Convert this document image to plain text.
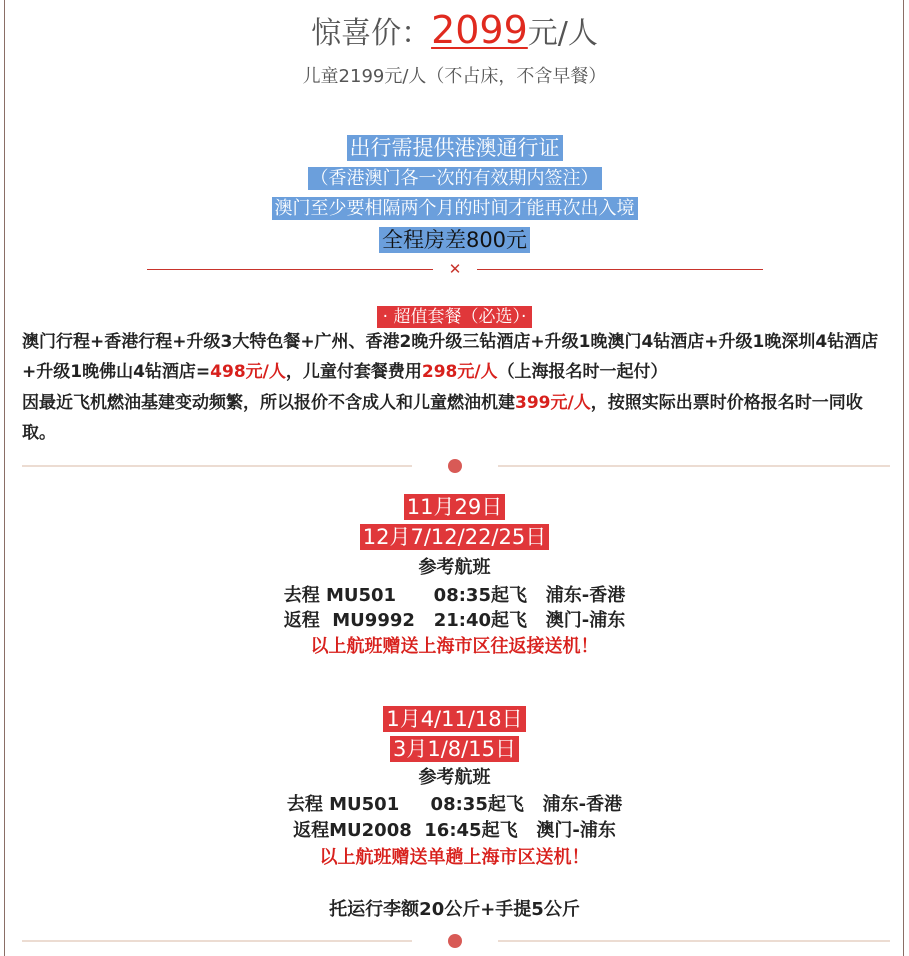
惊喜价：2099元/人
儿童2199元/人（不占床，不含早餐）
出行需提供港澳通行证
（香港澳门各一次的有效期内签注）
澳门至少要相隔两个月的时间才能再次出入境
全程房差800元
✕
· 超值套餐（必选）·
澳门行程+香港行程+升级3大特色餐+广州、香港2晚升级三钻酒店+升级1晚澳门4钻酒店+升级1晚深圳4钻酒店+升级1晚佛山4钻酒店=498元/人，儿童付套餐费用298元/人（上海报名时一起付）
因最近飞机燃油基建变动频繁，所以报价不含成人和儿童燃油机建399元/人，按照实际出票时价格报名时一同收取。
11月29日
12月7/12/22/25日
参考航班
去程 MU501      08:35起飞   浦东-香港
返程  MU9992   21:40起飞   澳门-浦东
以上航班赠送上海市区往返接送机！
1月4/11/18日
3月1/8/15日
参考航班
去程 MU501     08:35起飞   浦东-香港
返程MU2008  16:45起飞   澳门-浦东
以上航班赠送单趟上海市区送机！
托运行李额20公斤+手提5公斤
